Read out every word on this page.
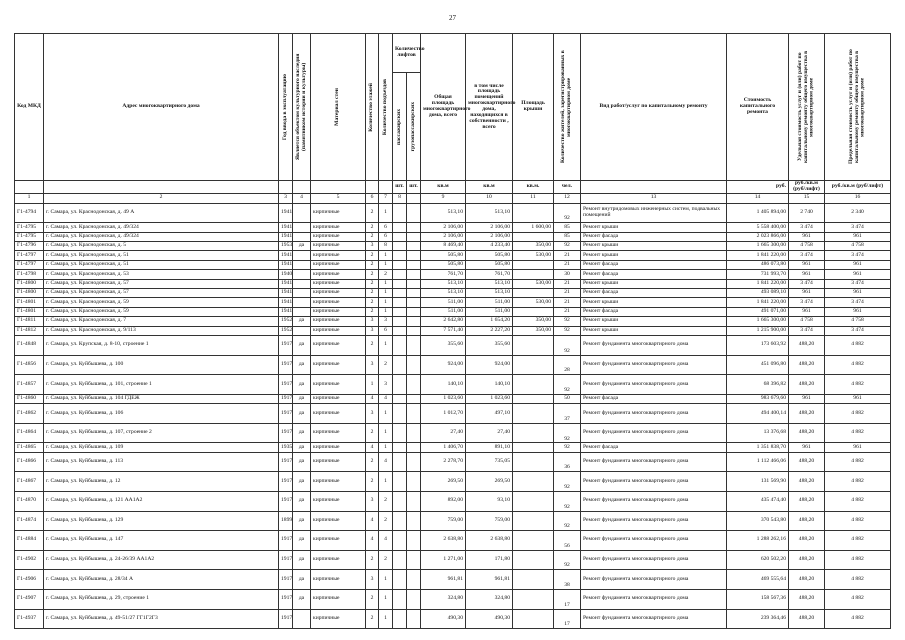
27
Код МКД	Адрес многоквартирного дома	Год ввода в эксплуатацию	Является объектом культурного наследия (памятником истории и культуры)	Материал стен	Количество этажей	Количество подъездов	Количество лифтов		Общая площадь многоквартирного дома, всего	в том числе площадь помещений многоквартирного дома, находящихся в собственности , всего	Площадь крыши	Количество жителей, зарегистрированных в многоквартирном доме	Вид работ/услуг по капитальному ремонту	Стоимость капитального ремонта	Удельная стоимость услуг и (или) работ по капитальному ремонту общего имущества в многоквартирном доме	Предельная стоимость услуг и (или) работ по капитальному ремонту общего имущества в многоквартирном доме

							пассажирских	грузопассажирских								

							шт.	шт.	кв.м	кв.м	кв.м.	чел.		руб.	руб./кв.м (руб/лифт)	руб./кв.м (руб/лифт)
1	2	3	4	5	6	7	8		9	10	11	12	13	14	15	16
Г1-4794	г. Самара, ул. Краснодонская, д. 49 А	1941		кирпичные	2	1			513,10	513,10		92	Ремонт внутридомовых инженерных систем, подвальных помещений	1 405 894,00	2 740	2 340
Г1-4795	г. Самара, ул. Краснодонская, д. 49/324	1941		кирпичные	2	6			2 106,00	2 106,00	1 600,00	85	Ремонт крыши	5 558 400,00	3 474	3 474
Г1-4795	г. Самара, ул. Краснодонская, д. 49/324	1941		кирпичные	2	6			2 106,00	2 106,00		85	Ремонт фасада	2 023 866,00	961	961
Г1-4796	г. Самара, ул. Краснодонская, д. 5	1953	да	кирпичные	3	8			8 469,40	4 233,40	350,00	92	Ремонт крыши	1 665 300,00	4 758	4 758
Г1-4797	г. Самара, ул. Краснодонская, д. 51	1941		кирпичные	2	1			505,80	505,80	530,00	21	Ремонт крыши	1 841 220,00	3 474	3 474
Г1-4797	г. Самара, ул. Краснодонская, д. 51	1941		кирпичные	2	1			505,80	505,80		21	Ремонт фасада	486 073,80	961	961
Г1-4798	г. Самара, ул. Краснодонская, д. 53	1940		кирпичные	2	2			761,70	761,70		30	Ремонт фасада	731 993,70	961	961
Г1-4800	г. Самара, ул. Краснодонская, д. 57	1941		кирпичные	2	1			513,10	513,10	530,00	21	Ремонт крыши	1 841 220,00	3 474	3 474
Г1-4800	г. Самара, ул. Краснодонская, д. 57	1941		кирпичные	2	1			513,10	513,10		21	Ремонт фасада	493 089,10	961	961
Г1-4801	г. Самара, ул. Краснодонская, д. 59	1941		кирпичные	2	1			511,00	511,00	530,00	21	Ремонт крыши	1 841 220,00	3 474	3 474
Г1-4801	г. Самара, ул. Краснодонская, д. 59	1941		кирпичные	2	1			511,00	511,00		21	Ремонт фасада	491 071,00	961	961
Г1-4811	г. Самара, ул. Краснодонская, д. 7	1952	да	кирпичные	3	3			2 642,80	1 654,20	350,00	92	Ремонт крыши	1 665 300,00	4 758	4 758
Г1-4812	г. Самара, ул. Краснодонская, д. 9/113	1952		кирпичные	3	6			7 571,40	2 227,20	350,00	92	Ремонт крыши	1 215 900,00	3 474	3 474
Г1-4848	г. Самара, ул. Крупская, д. 8-10, строение 1	1917	да	кирпичные	2	1			355,60	355,60		92	Ремонт фундамента многоквартирного дома	173 603,92	488,20	4 882
Г1-4856	г. Самара, ул. Куйбышева, д. 100	1917	да	кирпичные	3	2			924,00	924,00		28	Ремонт фундамента многоквартирного дома	451 096,80	488,20	4 882
Г1-4857	г. Самара, ул. Куйбышева, д. 101, строение 1	1917	да	кирпичные	1	3			140,10	140,10		92	Ремонт фундамента многоквартирного дома	68 396,82	488,20	4 882
Г1-4860	г. Самара, ул. Куйбышева, д. 104 ГДЕЖ	1917	да	кирпичные	4	4			1 023,60	1 023,60		50	Ремонт фасада	983 679,60	961	961
Г1-4862	г. Самара, ул. Куйбышева, д. 106	1917	да	кирпичные	3	1			1 012,70	497,10		37	Ремонт фундамента многоквартирного дома	494 400,14	488,20	4 882
Г1-4864	г. Самара, ул. Куйбышева, д. 107, строение 2	1917	да	кирпичные	2	1			27,40	27,40		92	Ремонт фундамента многоквартирного дома	13 376,68	488,20	4 882
Г1-4865	г. Самара, ул. Куйбышева, д. 109	1935	да	кирпичные	4	1			1 406,70	891,10		92	Ремонт фасада	1 351 838,70	961	961
Г1-4866	г. Самара, ул. Куйбышева, д. 113	1917	да	кирпичные	2	4			2 278,70	735,05		36	Ремонт фундамента многоквартирного дома	1 112 466,06	488,20	4 882
Г1-4867	г. Самара, ул. Куйбышева, д. 12	1917	да	кирпичные	2	1			269,50	269,50		92	Ремонт фундамента многоквартирного дома	131 569,90	488,20	4 882
Г1-4870	г. Самара, ул. Куйбышева, д. 121 АА1А2	1917	да	кирпичные	3	2			892,00	93,10		92	Ремонт фундамента многоквартирного дома	435 474,40	488,20	4 882
Г1-4874	г. Самара, ул. Куйбышева, д. 129	1899	да	кирпичные	4	2			759,00	759,00		92	Ремонт фундамента многоквартирного дома	370 543,80	488,20	4 882
Г1-4884	г. Самара, ул. Куйбышева, д. 147	1917	да	кирпичные	4	4			2 638,80	2 638,80		56	Ремонт фундамента многоквартирного дома	1 288 262,16	488,20	4 882
Г1-4902	г. Самара, ул. Куйбышева, д. 24-26/39 АА1А2	1917	да	кирпичные	2	2			1 271,00	171,80		92	Ремонт фундамента многоквартирного дома	620 502,20	488,20	4 882
Г1-4906	г. Самара, ул. Куйбышева, д. 28/34 А	1917	да	кирпичные	3	1			961,81	961,81		38	Ремонт фундамента многоквартирного дома	469 555,64	488,20	4 882
Г1-4907	г. Самара, ул. Куйбышева, д. 29, строение 1	1917	да	кирпичные	2	1			324,80	324,80		17	Ремонт фундамента многоквартирного дома	158 567,36	488,20	4 882
Г1-4937	г. Самара, ул. Куйбышева, д. 49-51/27 ГГ1Г2Г3	1917		кирпичные	2	1			490,30	490,30		17	Ремонт фундамента многоквартирного дома	239 364,46	488,20	4 882
